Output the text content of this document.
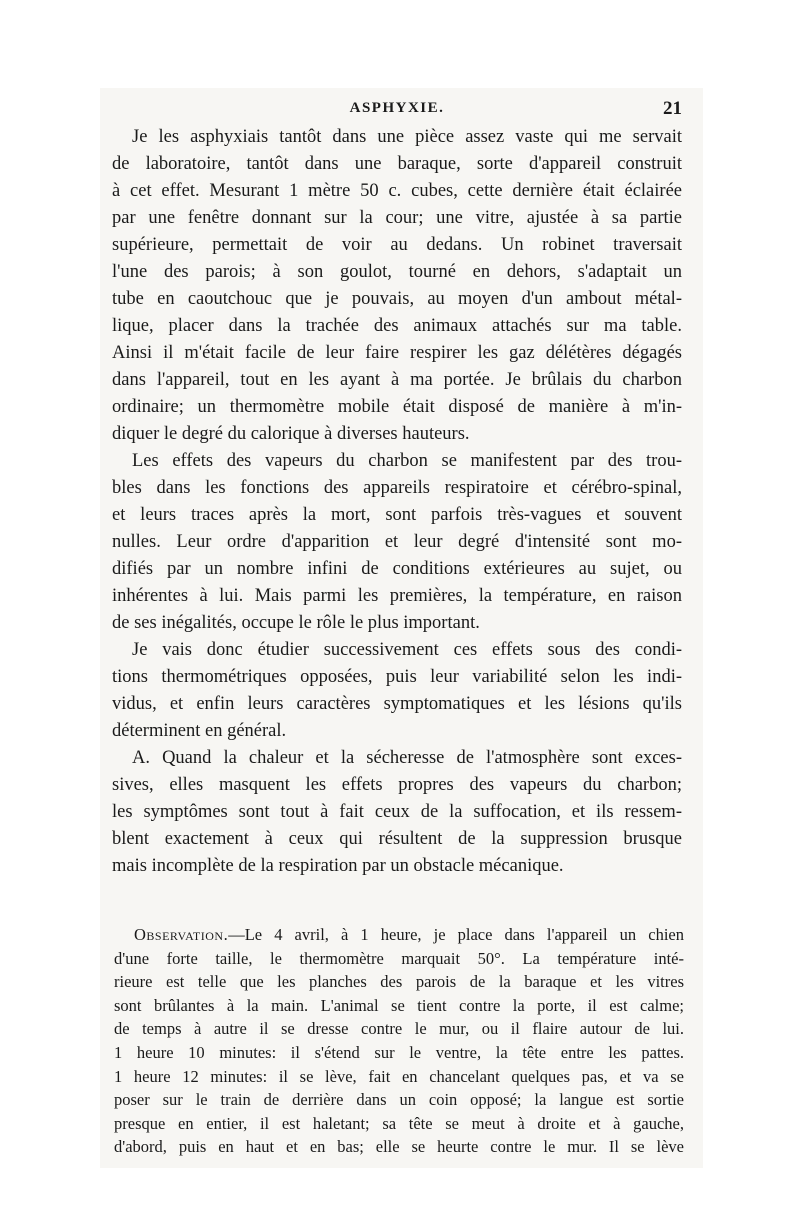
ASPHYXIE.	21
Je les asphyxiais tantôt dans une pièce assez vaste qui me servait
de laboratoire, tantôt dans une baraque, sorte d'appareil construit
à cet effet. Mesurant 1 mètre 50 c. cubes, cette dernière était éclairée
par une fenêtre donnant sur la cour; une vitre, ajustée à sa partie
supérieure, permettait de voir au dedans. Un robinet traversait
l'une des parois; à son goulot, tourné en dehors, s'adaptait un
tube en caoutchouc que je pouvais, au moyen d'un ambout métal-
lique, placer dans la trachée des animaux attachés sur ma table.
Ainsi il m'était facile de leur faire respirer les gaz délétères dégagés
dans l'appareil, tout en les ayant à ma portée. Je brûlais du charbon
ordinaire; un thermomètre mobile était disposé de manière à m'in-
diquer le degré du calorique à diverses hauteurs.
Les effets des vapeurs du charbon se manifestent par des trou-
bles dans les fonctions des appareils respiratoire et cérébro-spinal,
et leurs traces après la mort, sont parfois très-vagues et souvent
nulles. Leur ordre d'apparition et leur degré d'intensité sont mo-
difiés par un nombre infini de conditions extérieures au sujet, ou
inhérentes à lui. Mais parmi les premières, la température, en raison
de ses inégalités, occupe le rôle le plus important.
Je vais donc étudier successivement ces effets sous des condi-
tions thermométriques opposées, puis leur variabilité selon les indi-
vidus, et enfin leurs caractères symptomatiques et les lésions qu'ils
déterminent en général.
A. Quand la chaleur et la sécheresse de l'atmosphère sont exces-
sives, elles masquent les effets propres des vapeurs du charbon;
les symptômes sont tout à fait ceux de la suffocation, et ils ressem-
blent exactement à ceux qui résultent de la suppression brusque
mais incomplète de la respiration par un obstacle mécanique.
Observation.—Le 4 avril, à 1 heure, je place dans l'appareil un chien
d'une forte taille, le thermomètre marquait 50°. La température inté-
rieure est telle que les planches des parois de la baraque et les vitres
sont brûlantes à la main. L'animal se tient contre la porte, il est calme;
de temps à autre il se dresse contre le mur, ou il flaire autour de lui.
1 heure 10 minutes: il s'étend sur le ventre, la tête entre les pattes.
1 heure 12 minutes: il se lève, fait en chancelant quelques pas, et va se
poser sur le train de derrière dans un coin opposé; la langue est sortie
presque en entier, il est haletant; sa tête se meut à droite et à gauche,
d'abord, puis en haut et en bas; elle se heurte contre le mur. Il se lève
